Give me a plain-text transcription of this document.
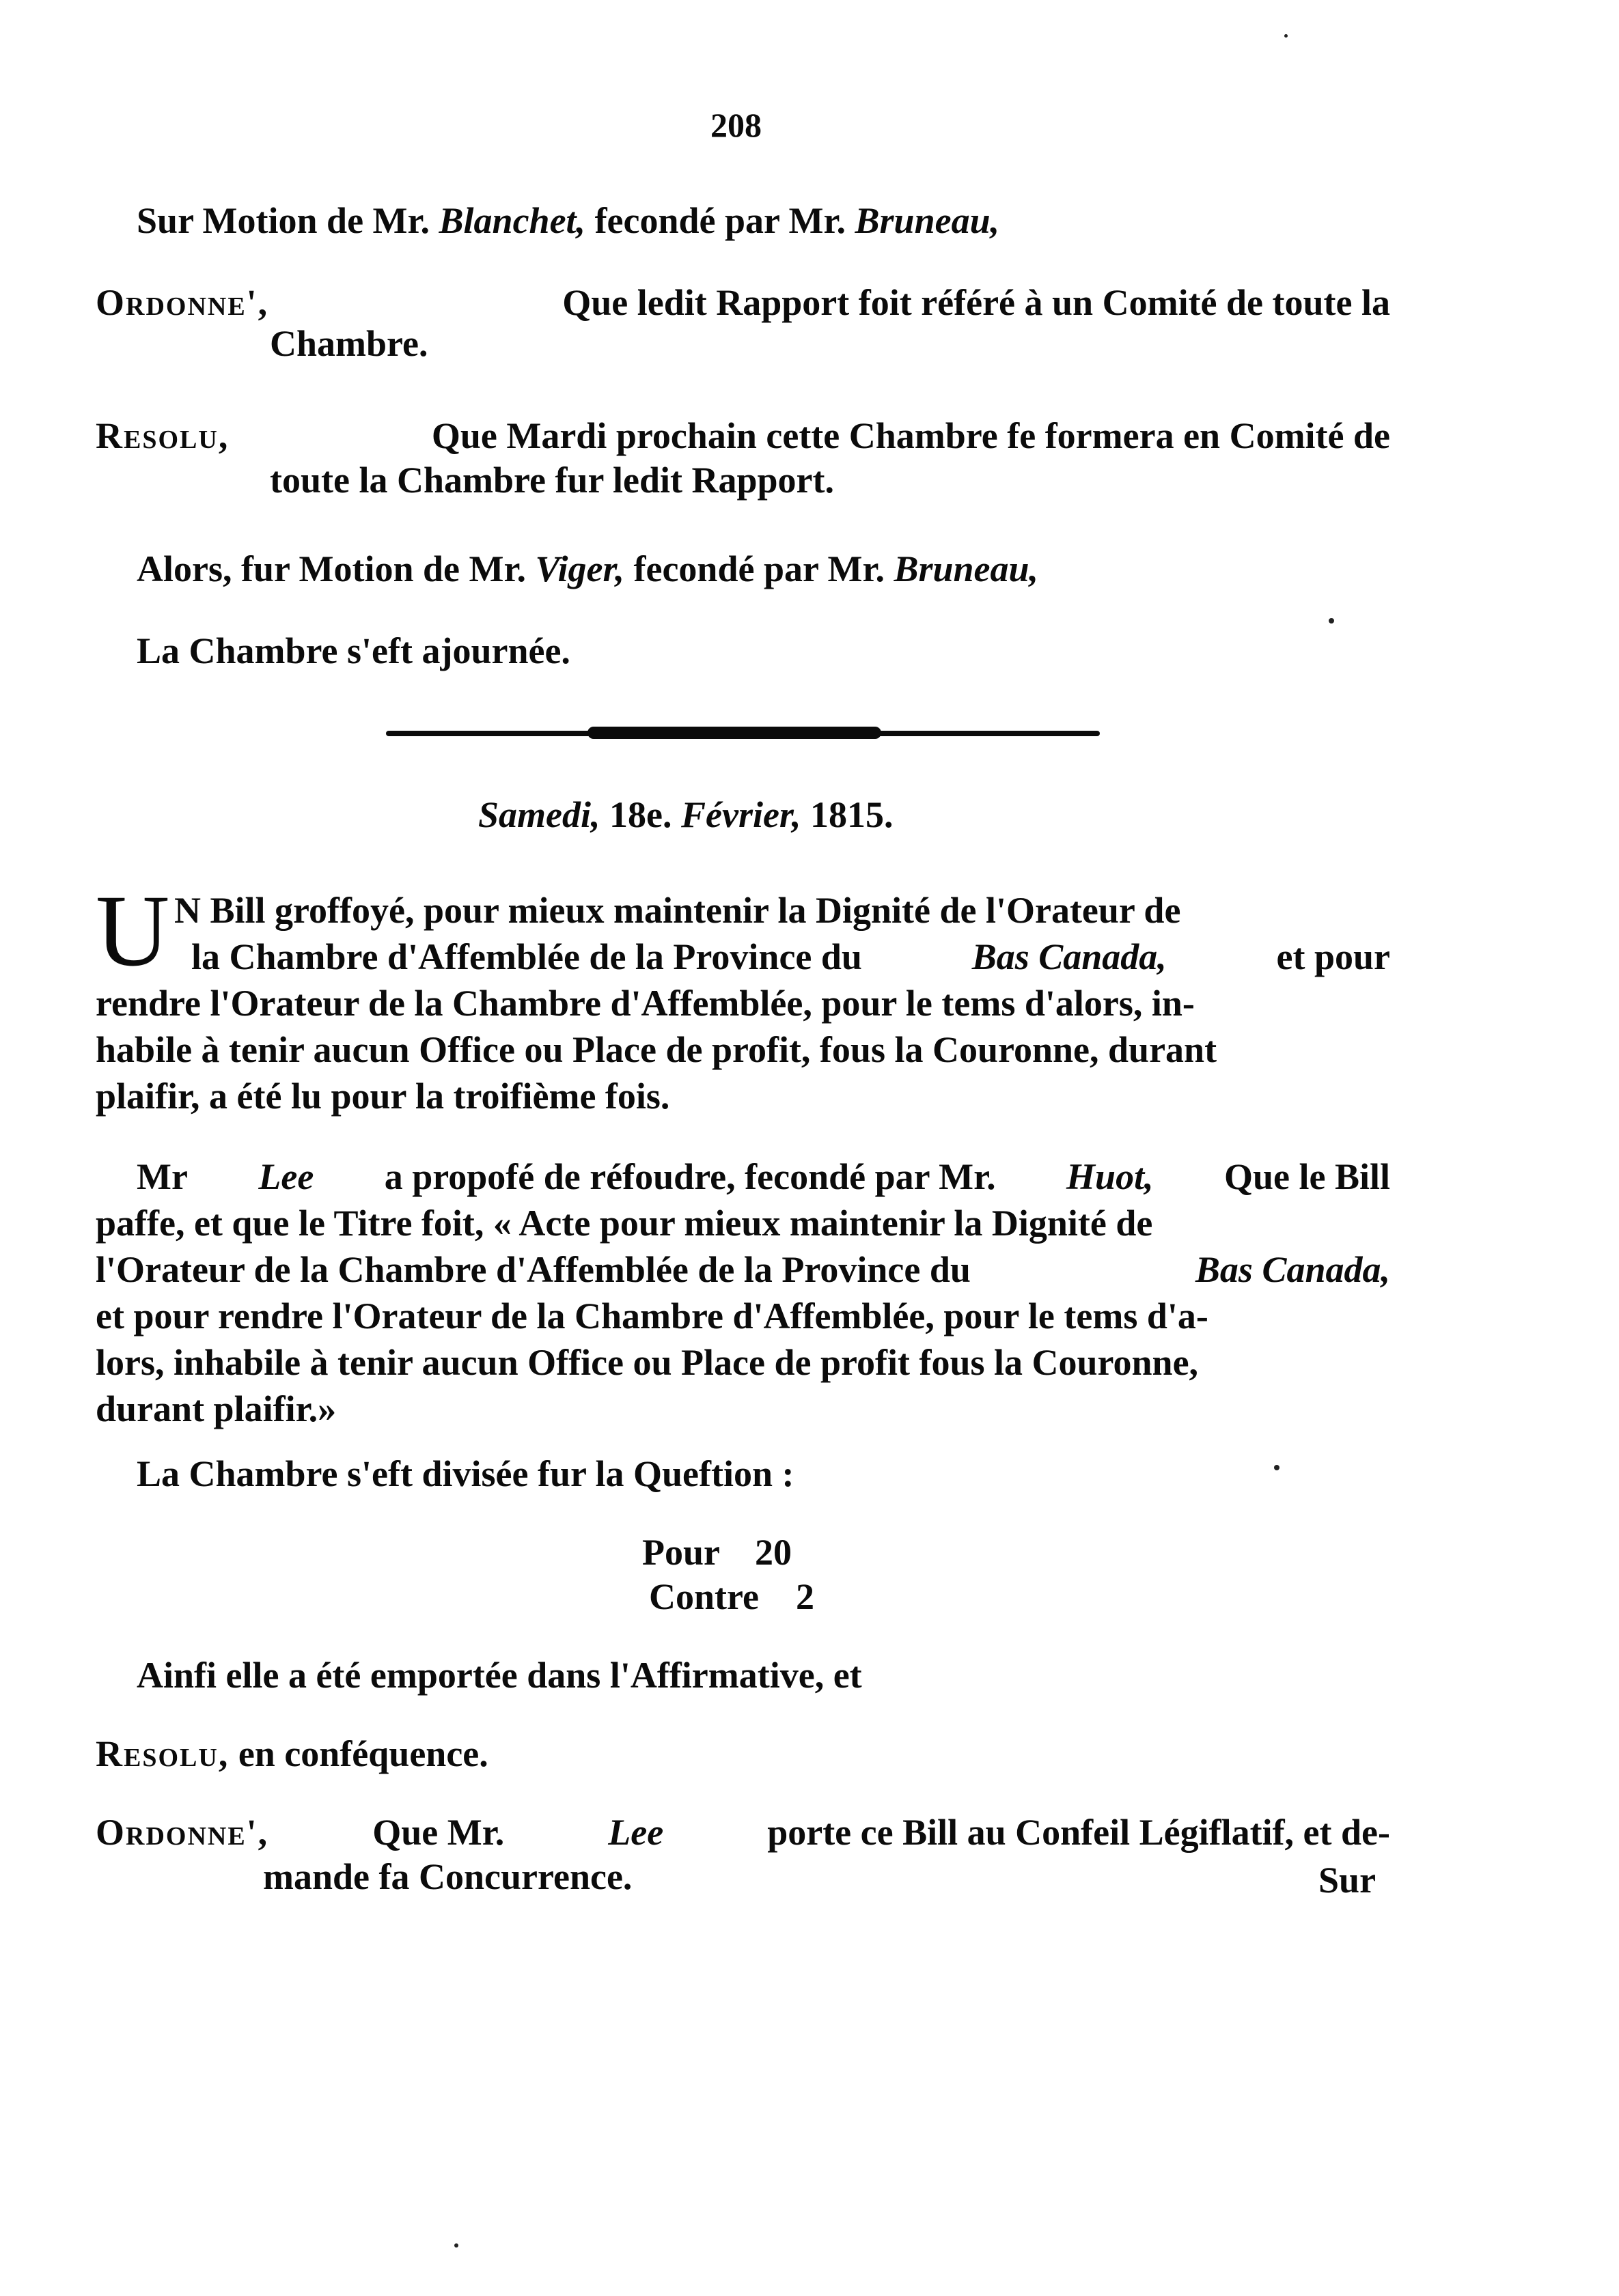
208
Sur Motion de Mr. Blanchet, fecondé par Mr. Bruneau,
Ordonne',	Que ledit Rapport foit référé à un Comité de toute la
Chambre.
Resolu,	Que Mardi prochain cette Chambre fe formera en Comité de
toute la Chambre fur ledit Rapport.
Alors, fur Motion de Mr. Viger, fecondé par Mr. Bruneau,
La Chambre s'eft ajournée.
Samedi, 18e. Février, 1815.
U N Bill groffoyé, pour mieux maintenir la Dignité de l'Orateur de
la Chambre d'Affemblée de la Province du	Bas Canada,	et pour
rendre l'Orateur de la Chambre d'Affemblée, pour le tems d'alors, in-
habile à tenir aucun Office ou Place de profit, fous la Couronne, durant
plaifir, a été lu pour la troifième fois.
Mr Lee a propofé de réfoudre, fecondé par Mr. Huot, Que le Bill
paffe, et que le Titre foit, « Acte pour mieux maintenir la Dignité de
l'Orateur de la Chambre d'Affemblée de la Province du	Bas Canada,
et pour rendre l'Orateur de la Chambre d'Affemblée, pour le tems d'a-
lors, inhabile à tenir aucun Office ou Place de profit fous la Couronne,
durant plaifir.»
La Chambre s'eft divisée fur la Queftion :
Pour 20
Contre 2
Ainfi elle a été emportée dans l'Affirmative, et
Resolu, en conféquence.
Ordonne',	Que Mr.	Lee	porte ce Bill au Confeil Légiflatif, et de-
mande fa Concurrence.	Sur
